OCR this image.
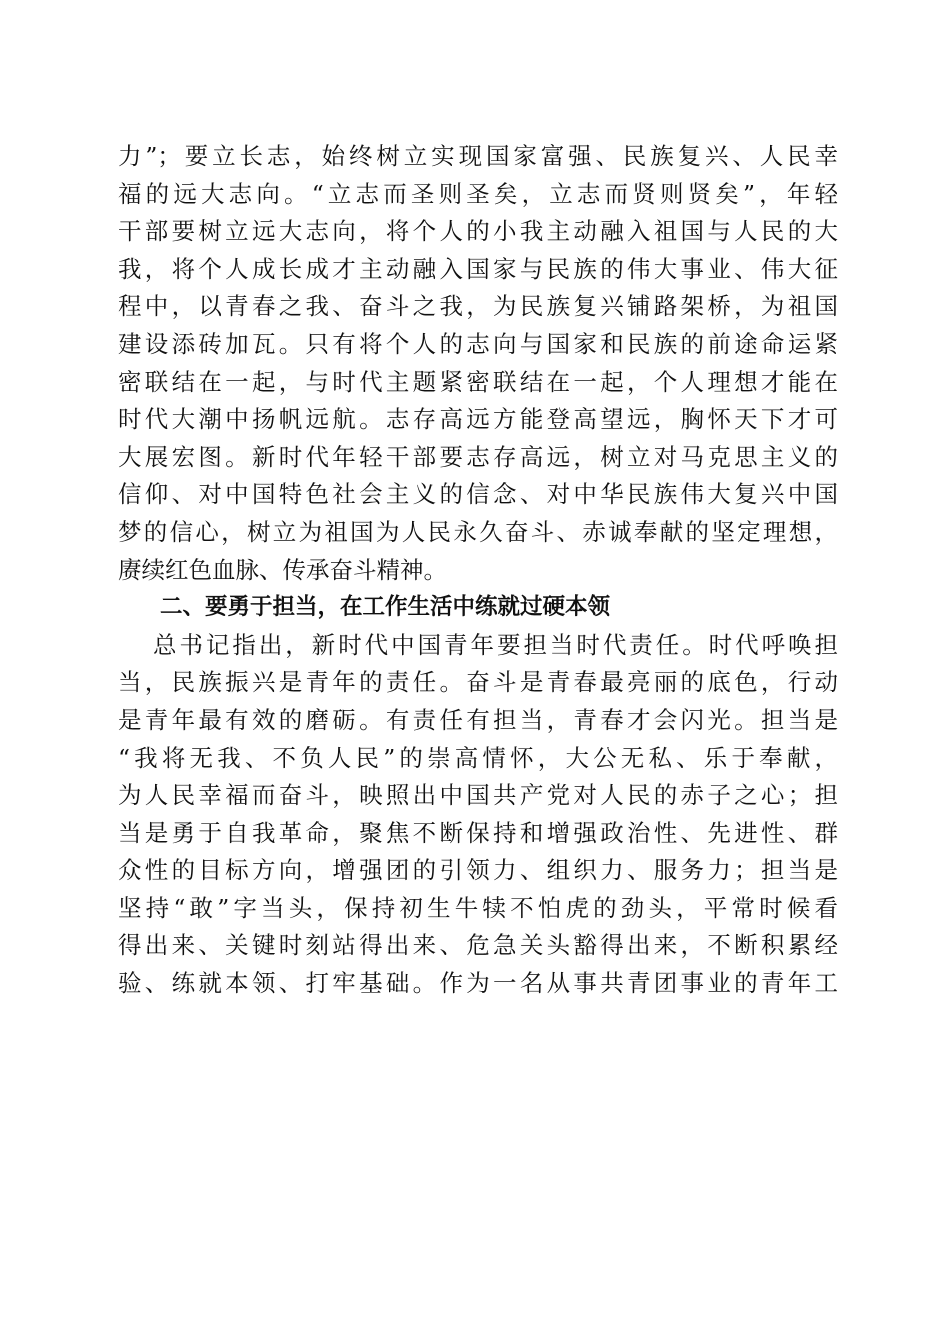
力”；要立长志，始终树立实现国家富强、民族复兴、人民幸
福的远大志向。“立志而圣则圣矣，立志而贤则贤矣”，年轻
干部要树立远大志向，将个人的小我主动融入祖国与人民的大
我，将个人成长成才主动融入国家与民族的伟大事业、伟大征
程中，以青春之我、奋斗之我，为民族复兴铺路架桥，为祖国
建设添砖加瓦。只有将个人的志向与国家和民族的前途命运紧
密联结在一起，与时代主题紧密联结在一起，个人理想才能在
时代大潮中扬帆远航。志存高远方能登高望远，胸怀天下才可
大展宏图。新时代年轻干部要志存高远，树立对马克思主义的
信仰、对中国特色社会主义的信念、对中华民族伟大复兴中国
梦的信心，树立为祖国为人民永久奋斗、赤诚奉献的坚定理想，
赓续红色血脉、传承奋斗精神。
二、要勇于担当，在工作生活中练就过硬本领
总书记指出，新时代中国青年要担当时代责任。时代呼唤担
当，民族振兴是青年的责任。奋斗是青春最亮丽的底色，行动
是青年最有效的磨砺。有责任有担当，青春才会闪光。担当是
“我将无我、不负人民”的崇高情怀，大公无私、乐于奉献，
为人民幸福而奋斗，映照出中国共产党对人民的赤子之心；担
当是勇于自我革命，聚焦不断保持和增强政治性、先进性、群
众性的目标方向，增强团的引领力、组织力、服务力；担当是
坚持“敢”字当头，保持初生牛犊不怕虎的劲头，平常时候看
得出来、关键时刻站得出来、危急关头豁得出来，不断积累经
验、练就本领、打牢基础。作为一名从事共青团事业的青年工
